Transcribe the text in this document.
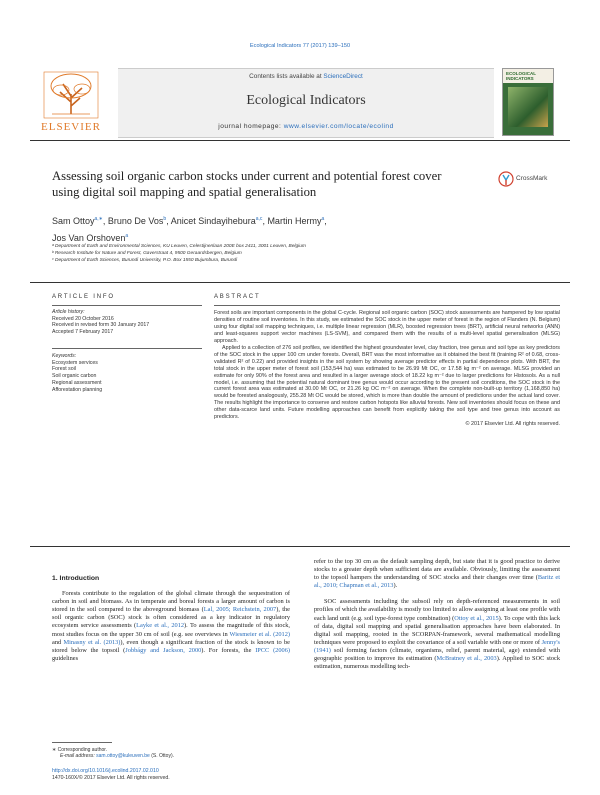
Ecological Indicators 77 (2017) 139–150
ELSEVIER
Contents lists available at ScienceDirect
Ecological Indicators
journal homepage: www.elsevier.com/locate/ecolind
ECOLOGICAL INDICATORS
Assessing soil organic carbon stocks under current and potential forest cover using digital soil mapping and spatial generalisation
CrossMark
Sam Ottoy$^{a,∗}$, Bruno De Vos$^b$, Anicet Sindayihebura$^{a,c}$, Martin Hermy$^a$,
Jos Van Orshoven$^a$
ᵃ Department of Earth and Environmental Sciences, KU Leuven, Celestijnenlaan 200E box 2411, 3001 Leuven, Belgium
ᵇ Research Institute for Nature and Forest, Gaverstraat 4, 9500 Geraardsbergen, Belgium
ᶜ Department of Earth Sciences, Burundi University, P.O. Box 1550 Bujumbura, Burundi
ARTICLE INFO	ABSTRACT
Article history:
Received 20 October 2016
Received in revised form 30 January 2017
Accepted 7 February 2017
Keywords:
Ecosystem services
Forest soil
Soil organic carbon
Regional assessment
Afforestation planning

Forest soils are important components in the global C-cycle. Regional soil organic carbon (SOC) stock assessments are hampered by low spatial densities of routine soil inventories. In this study, we estimated the SOC stock in the upper meter of forest in the region of Flanders (N. Belgium) using four digital soil mapping techniques, i.e. multiple linear regression (MLR), boosted regression trees (BRT), artificial neural networks (ANN) and least-squares support vector machines (LS-SVM), and compared them with the results of a multi-level spatial generalisation (MLSG) approach.

Applied to a collection of 276 soil profiles, we identified the highest groundwater level, clay fraction, tree genus and soil type as key predictors of the SOC stock in the upper 100 cm under forests. Overall, BRT was the most informative as it obtained the best fit (training R² of 0.68, cross-validated R² of 0.22) and provided insights in the soil system by showing average predictor effects in partial dependence plots. With BRT, the total stock in the upper meter of forest soil (153,544 ha) was estimated to be 26.99 Mt OC, or 17.58 kg m⁻² on average. MLSG provided an estimate for only 90% of the forest area and resulted in a larger average stock of 18.22 kg m⁻² due to larger predictions for Histosols. As a null model, i.e. assuming that the potential natural dominant tree genus would occur according to the present soil conditions, the SOC stock in the current forest area was estimated at 30.00 Mt OC, or 21.26 kg OC m⁻² on average. When the complete non-built-up territory (1,168,850 ha) would be forested analogously, 255.28 Mt OC would be stored, which is more than double the amount of predictions under the actual land cover. The results highlight the importance to conserve and restore carbon hotspots like alluvial forests. New soil inventories should focus on these and other data-scarce land units. Future modelling approaches can benefit from explicitly taking the soil type and tree genus into account as predictors.

© 2017 Elsevier Ltd. All rights reserved.
1. Introduction

Forests contribute to the regulation of the global climate through the sequestration of carbon in soil and biomass. As in temperate and boreal forests a larger amount of carbon is stored in the soil compared to the aboveground biomass (Lal, 2005; Reichstein, 2007), the soil organic carbon (SOC) stock is often considered as a key indicator in regulatory ecosystem service assessments (Layke et al., 2012). To assess the magnitude of this stock, most studies focus on the upper 30 cm of soil (e.g. see overviews in Wiesmeier et al. (2012) and Minasny et al. (2013)), even though a significant fraction of the stock is known to be stored below the topsoil (Jobbágy and Jackson, 2000). For forests, the IPCC (2006) guidelines

refer to the top 30 cm as the default sampling depth, but state that it is good practice to derive stocks to a greater depth when sufficient data are available. Obviously, limiting the assessment to the topsoil hampers the understanding of SOC stocks and their changes over time (Baritz et al., 2010; Chapman et al., 2013).

SOC assessments including the subsoil rely on depth-referenced measurements in soil profiles of which the availability is mostly too limited to allow assigning at least one profile with each land unit (e.g. soil type-forest type combination) (Ottoy et al., 2015). To cope with this lack of data, digital soil mapping and spatial generalisation approaches have been elaborated. In digital soil mapping, rooted in the SCORPAN-framework, several mathematical modelling techniques were proposed to exploit the covariance of a soil variable with one or more of Jenny's (1941) soil forming factors (climate, organisms, relief, parent material, age) extended with geographic position to improve its estimation (McBratney et al., 2003). Applied to SOC stock estimation, numerous modelling tech-

∗ Corresponding author.
E-mail address: sam.ottoy@kuleuven.be (S. Ottoy).
http://dx.doi.org/10.1016/j.ecolind.2017.02.010
1470-160X/© 2017 Elsevier Ltd. All rights reserved.
